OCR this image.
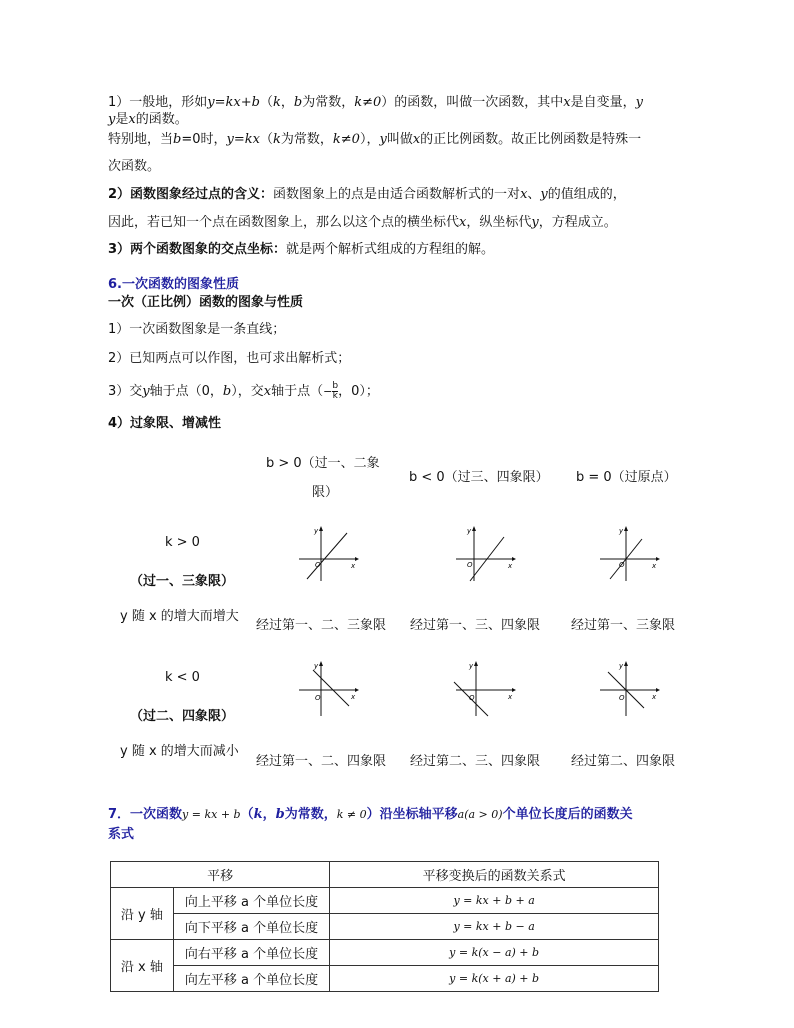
1）一般地，形如y=kx+b（k，b为常数，k≠0）的函数，叫做一次函数，其中x是自变量，y
y是x的函数。
特别地，当b=0时，y=kx（k为常数，k≠0），y叫做x的正比例函数。故正比例函数是特殊一
次函数。
2）函数图象经过点的含义：函数图象上的点是由适合函数解析式的一对x、y的值组成的，
因此，若已知一个点在函数图象上，那么以这个点的横坐标代x，纵坐标代y，方程成立。
3）两个函数图象的交点坐标：就是两个解析式组成的方程组的解。
6.一次函数的图象性质
一次（正比例）函数的图象与性质
1）一次函数图象是一条直线；
2）已知两点可以作图，也可求出解析式；
3）交y轴于点（0，b），交x轴于点（− $\frac{b}{k}$ ，0）；
4）过象限、增减性
b > 0（过一、二象
限）
b < 0（过三、四象限） b = 0（过原点）
k > 0
（过一、三象限）
y 随 x 的增大而增大
经过第一、二、三象限 经过第一、三、四象限 经过第一、三象限
k < 0
（过二、四象限）
y 随 x 的增大而减小
经过第一、二、四象限 经过第二、三、四象限 经过第二、四象限
O	x
y
O	x
y
O	x
y
O	x
y
O	x
y
O	x
y
7．一次函数y = kx + b（k，b为常数，k ≠ 0）沿坐标轴平移a(a > 0)个单位长度后的函数关
系式
平移		平移变换后的函数关系式
沿 y 轴	向上平移 a 个单位长度	y = kx + b + a
	向下平移 a 个单位长度	y = kx + b − a
沿 x 轴	向右平移 a 个单位长度	y = k(x − a) + b
	向左平移 a 个单位长度	y = k(x + a) + b
